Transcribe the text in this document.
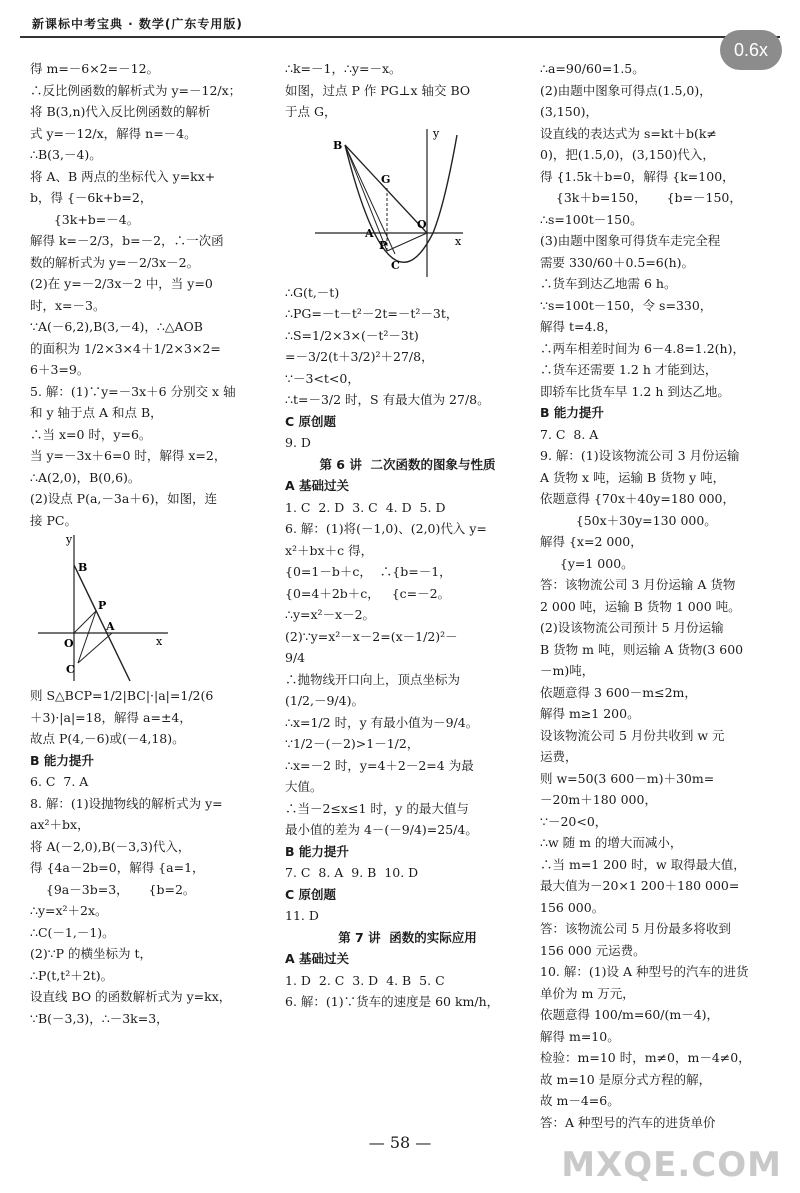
新课标中考宝典 · 数学(广东专用版)
0.6x

得 m=－6×2=－12。

∴反比例函数的解析式为 y=－12/x；

将 B(3,n)代入反比例函数的解析

式 y=－12/x，解得 n=－4。

∴B(3,－4)。

将 A、B 两点的坐标代入 y=kx+

b，得 {－6k+b=2，

{3k+b=－4。

解得 k=－2/3，b=－2，∴一次函

数的解析式为 y=－2/3x－2。

(2)在 y=－2/3x－2 中，当 y=0

时，x=－3。

∵A(－6,2),B(3,－4)，∴△AOB

的面积为 1/2×3×4＋1/2×3×2=

6＋3=9。

5. 解：(1)∵y=－3x＋6 分别交 x 轴

和 y 轴于点 A 和点 B，

∴当 x=0 时，y=6。

当 y=－3x＋6=0 时，解得 x=2，

∴A(2,0)，B(0,6)。

(2)设点 P(a,－3a＋6)，如图，连

接 PC。

y
B
P
O
A
x
C

则 S△BCP=1/2|BC|·|a|=1/2(6

＋3)·|a|=18，解得 a=±4，

故点 P(4,－6)或(－4,18)。

B 能力提升

6. C  7. A

8. 解：(1)设抛物线的解析式为 y=

ax²＋bx，

将 A(－2,0),B(－3,3)代入，

得 {4a－2b=0，解得 {a=1，

{9a－3b=3，     {b=2。

∴y=x²＋2x。

∴C(－1,－1)。

(2)∵P 的横坐标为 t，

∴P(t,t²＋2t)。

设直线 BO 的函数解析式为 y=kx，

∵B(－3,3)，∴－3k=3，

∴k=－1，∴y=－x。

如图，过点 P 作 PG⊥x 轴交 BO

于点 G，

y
B
G
A
P
O
x
C

∴G(t,－t)

∴PG=－t－t²－2t=－t²－3t，

∴S=1/2×3×(－t²－3t)

=－3/2(t＋3/2)²＋27/8，

∵－3<t<0，

∴t=－3/2 时，S 有最大值为 27/8。

C 原创题

9. D

第 6 讲  二次函数的图象与性质

A 基础过关

1. C  2. D  3. C  4. D  5. D

6. 解：(1)将(－1,0)、(2,0)代入 y=

x²＋bx＋c 得，

{0=1－b＋c，  ∴{b=－1，

{0=4＋2b＋c，   {c=－2。

∴y=x²－x－2。

(2)∵y=x²－x－2=(x－1/2)²－

9/4

∴抛物线开口向上，顶点坐标为

(1/2,－9/4)。

∴x=1/2 时，y 有最小值为－9/4。

∵1/2－(－2)>1－1/2，

∴x=－2 时，y=4＋2－2=4 为最

大值。

∴当－2≤x≤1 时，y 的最大值与

最小值的差为 4－(－9/4)=25/4。

B 能力提升

7. C  8. A  9. B  10. D

C 原创题

11. D

第 7 讲  函数的实际应用

A 基础过关

1. D  2. C  3. D  4. B  5. C

6. 解：(1)∵货车的速度是 60 km/h，

∴a=90/60=1.5。

(2)由题中图象可得点(1.5,0)，

(3,150)，

设直线的表达式为 s=kt＋b(k≠

0)，把(1.5,0)，(3,150)代入，

得 {1.5k＋b=0，解得 {k=100，

{3k＋b=150，     {b=－150，

∴s=100t－150。

(3)由题中图象可得货车走完全程

需要 330/60＋0.5=6(h)。

∴货车到达乙地需 6 h。

∵s=100t－150，令 s=330，

解得 t=4.8，

∴两车相差时间为 6－4.8=1.2(h)，

∴货车还需要 1.2 h 才能到达，

即轿车比货车早 1.2 h 到达乙地。

B 能力提升

7. C  8. A

9. 解：(1)设该物流公司 3 月份运输

A 货物 x 吨，运输 B 货物 y 吨，

依题意得 {70x＋40y=180 000，

{50x＋30y=130 000。

解得 {x=2 000，

{y=1 000。

答：该物流公司 3 月份运输 A 货物

2 000 吨，运输 B 货物 1 000 吨。

(2)设该物流公司预计 5 月份运输

B 货物 m 吨，则运输 A 货物(3 600

－m)吨，

依题意得 3 600－m≤2m，

解得 m≥1 200。

设该物流公司 5 月份共收到 w 元

运费，

则 w=50(3 600－m)＋30m=

－20m＋180 000，

∵－20<0，

∴w 随 m 的增大而减小，

∴当 m=1 200 时，w 取得最大值，

最大值为－20×1 200＋180 000=

156 000。

答：该物流公司 5 月份最多将收到

156 000 元运费。

10. 解：(1)设 A 种型号的汽车的进货

单价为 m 万元，

依题意得 100/m=60/(m－4)，

解得 m=10。

检验：m=10 时，m≠0，m－4≠0，

故 m=10 是原分式方程的解，

故 m－4=6。

答：A 种型号的汽车的进货单价

— 58 —
MXQE.COM
